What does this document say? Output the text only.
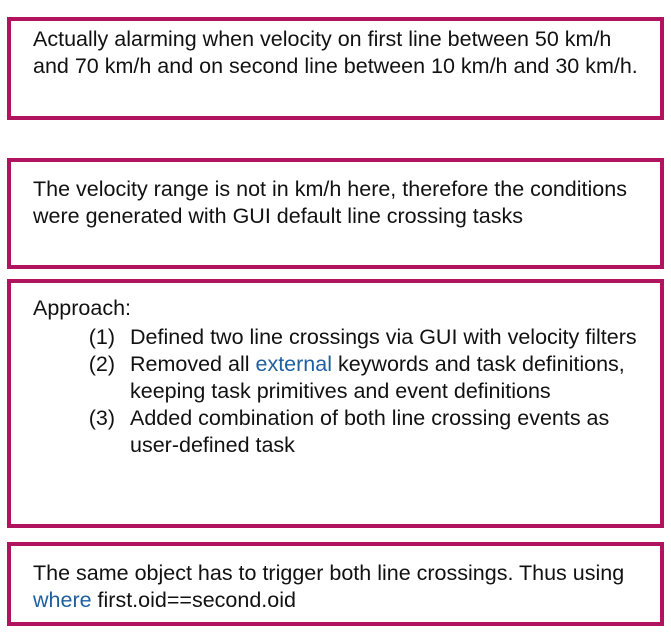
Actually alarming when velocity on first line between 50 km/h and 70 km/h and on second line between 10 km/h and 30 km/h.

The velocity range is not in km/h here, therefore the conditions were generated with GUI default line crossing tasks

Approach:
(1) Defined two line crossings via GUI with velocity filters
(2) Removed all external keywords and task definitions, keeping task primitives and event definitions
(3) Added combination of both line crossing events as user-defined task

The same object has to trigger both line crossings. Thus using where first.oid==second.oid
